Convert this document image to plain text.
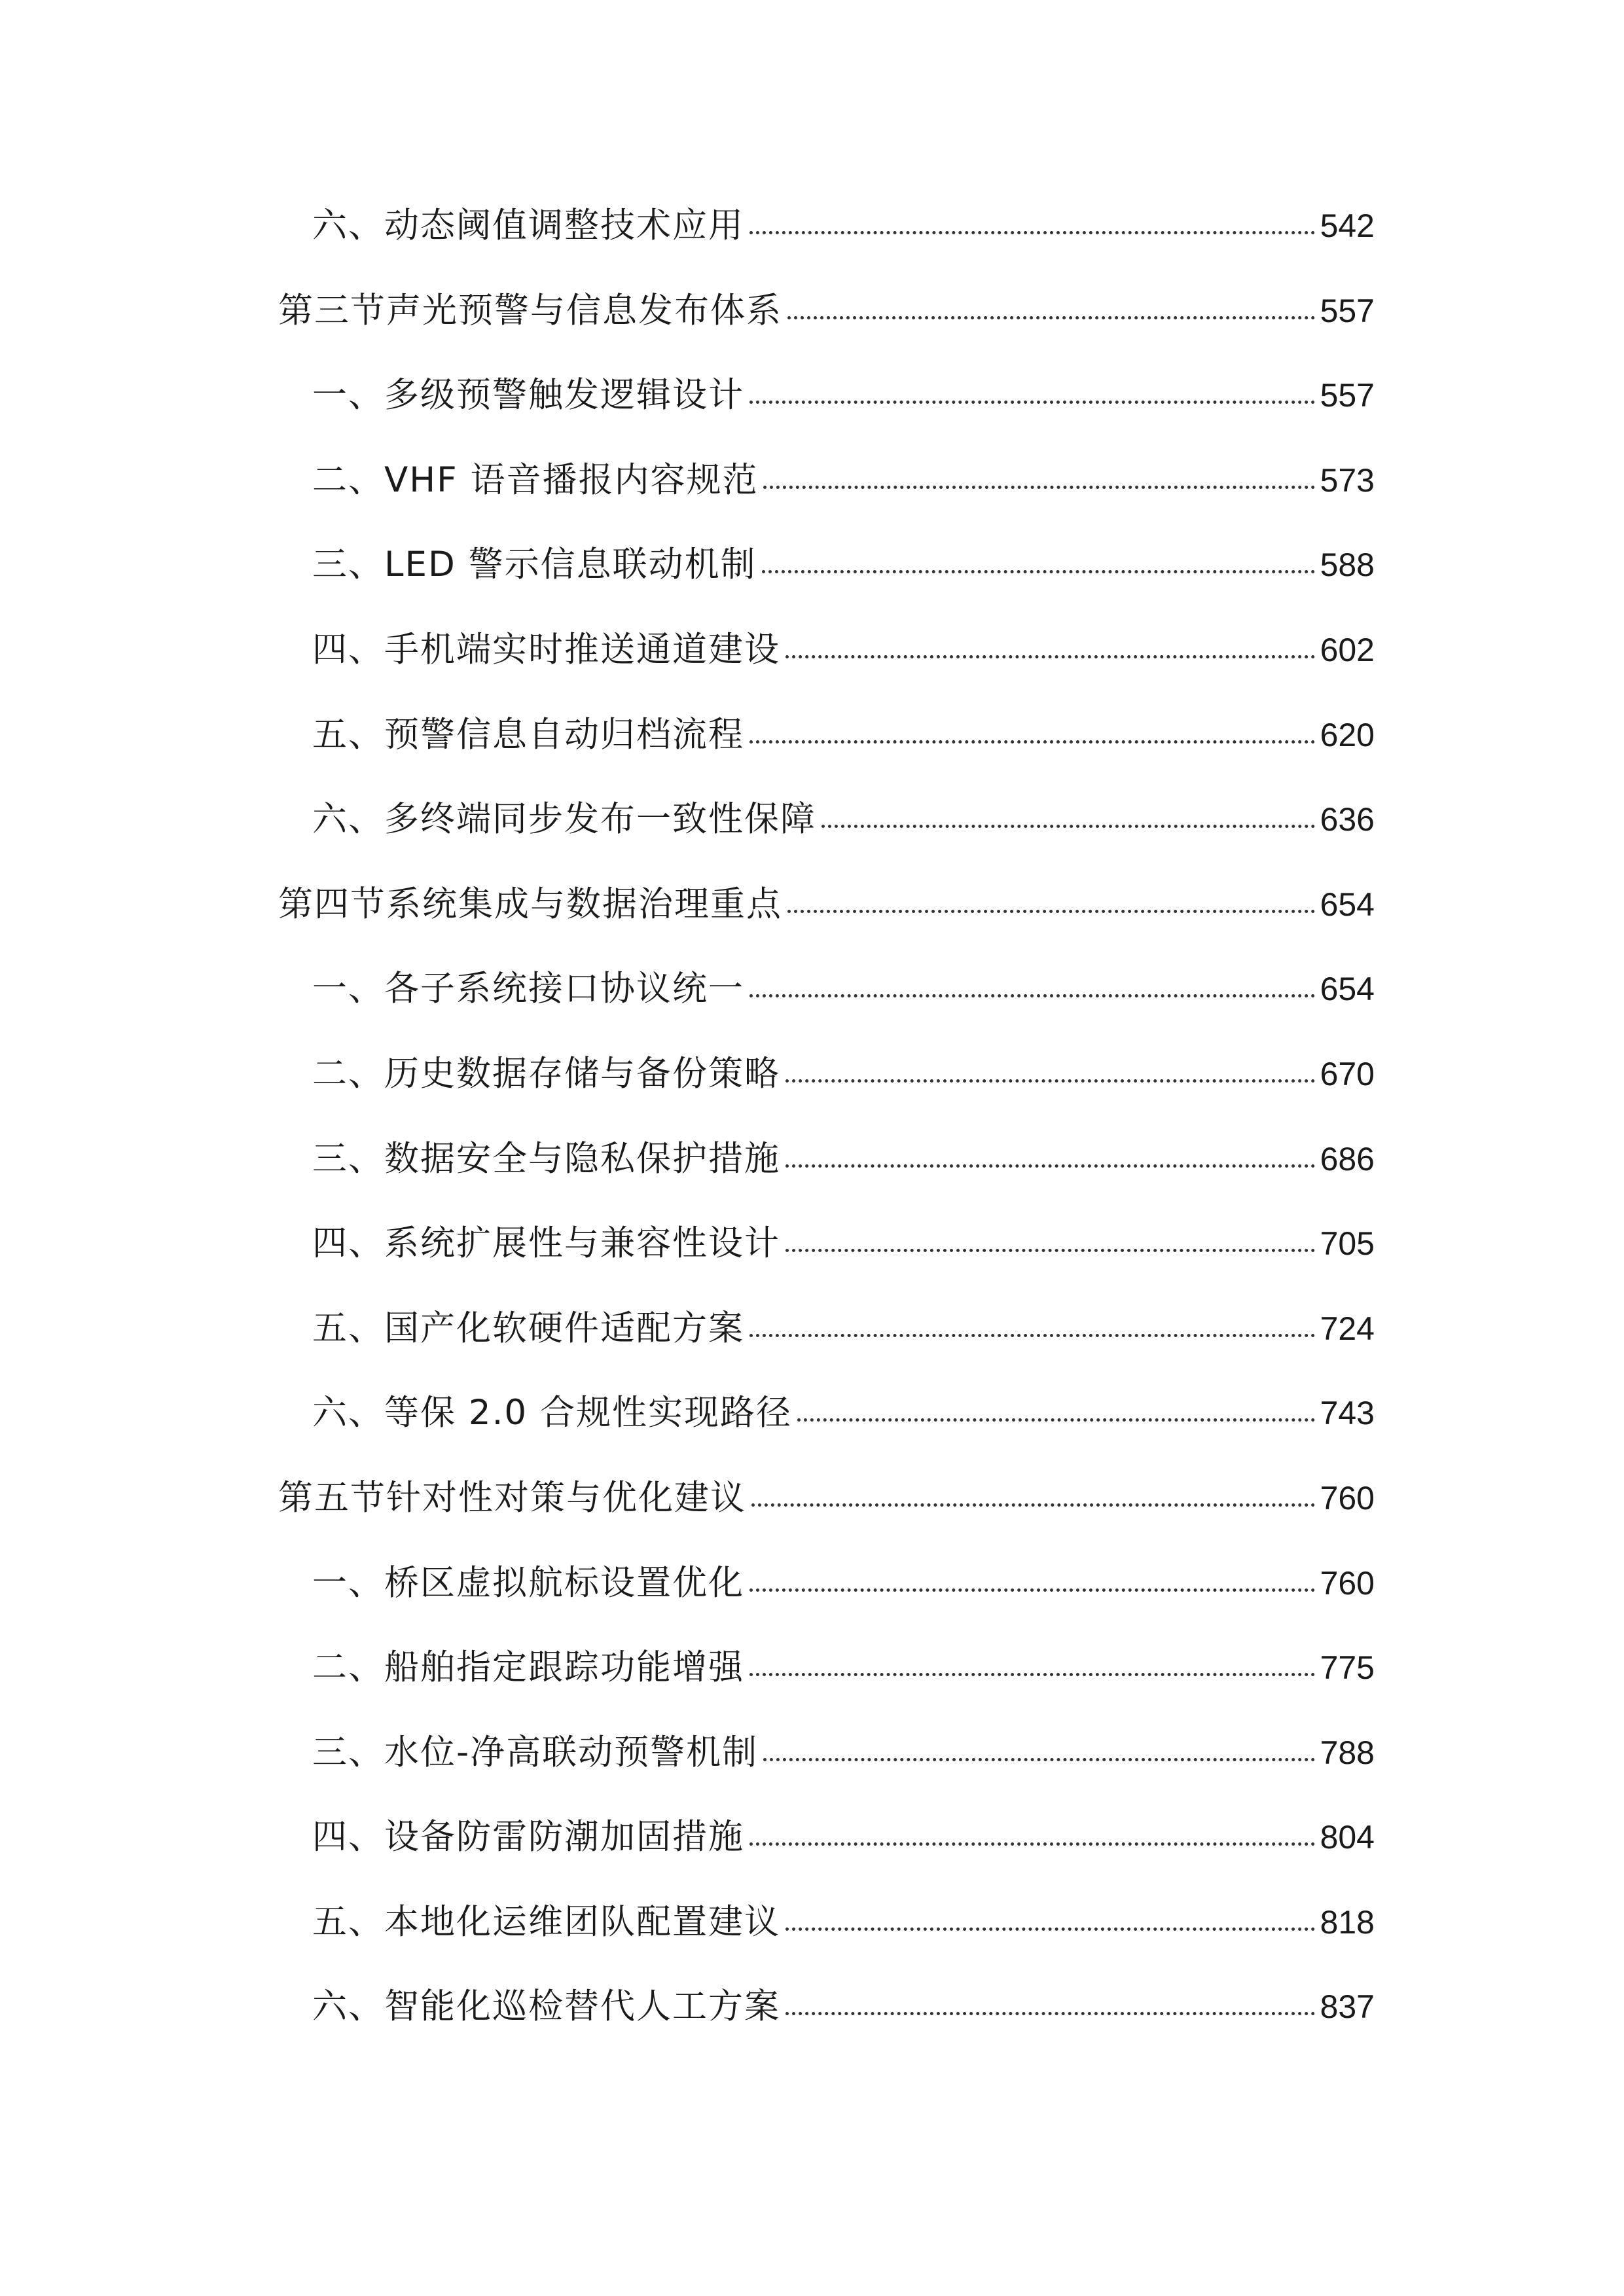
六、动态阈值调整技术应用	542
第三节声光预警与信息发布体系	557
一、多级预警触发逻辑设计	557
二、VHF 语音播报内容规范	573
三、LED 警示信息联动机制	588
四、手机端实时推送通道建设	602
五、预警信息自动归档流程	620
六、多终端同步发布一致性保障	636
第四节系统集成与数据治理重点	654
一、各子系统接口协议统一	654
二、历史数据存储与备份策略	670
三、数据安全与隐私保护措施	686
四、系统扩展性与兼容性设计	705
五、国产化软硬件适配方案	724
六、等保 2.0 合规性实现路径	743
第五节针对性对策与优化建议	760
一、桥区虚拟航标设置优化	760
二、船舶指定跟踪功能增强	775
三、水位-净高联动预警机制	788
四、设备防雷防潮加固措施	804
五、本地化运维团队配置建议	818
六、智能化巡检替代人工方案	837
